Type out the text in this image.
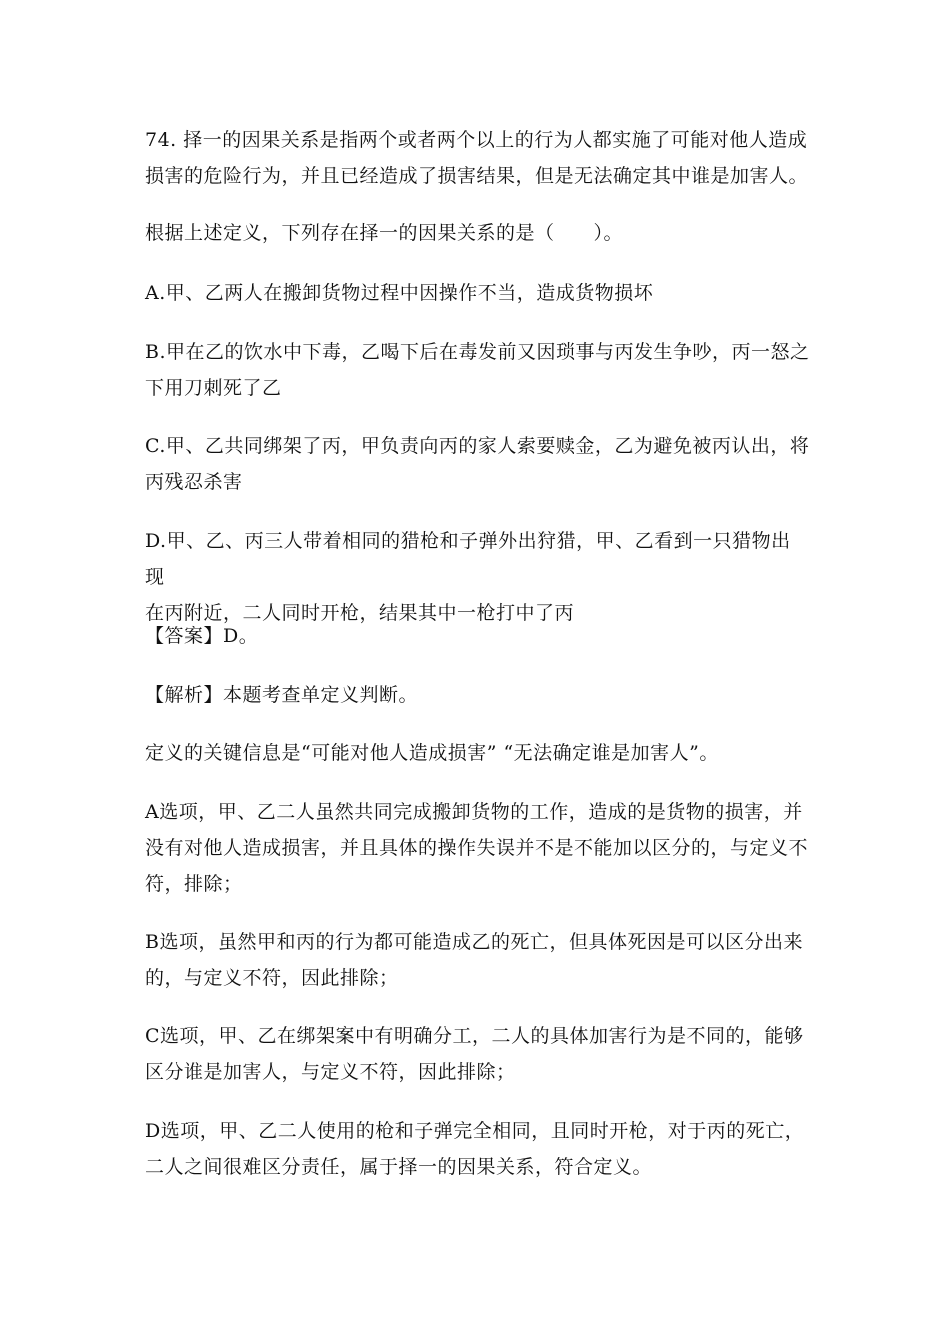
74. 择一的因果关系是指两个或者两个以上的行为人都实施了可能对他人造成
损害的危险行为，并且已经造成了损害结果，但是无法确定其中谁是加害人。
根据上述定义，下列存在择一的因果关系的是（　　）。
A.甲、乙两人在搬卸货物过程中因操作不当，造成货物损坏
B.甲在乙的饮水中下毒，乙喝下后在毒发前又因琐事与丙发生争吵，丙一怒之
下用刀刺死了乙
C.甲、乙共同绑架了丙，甲负责向丙的家人索要赎金，乙为避免被丙认出，将
丙残忍杀害
D.甲、乙、丙三人带着相同的猎枪和子弹外出狩猎，甲、乙看到一只猎物出现
在丙附近，二人同时开枪，结果其中一枪打中了丙
【答案】D。
【解析】本题考查单定义判断。
定义的关键信息是“可能对他人造成损害” “无法确定谁是加害人”。
A选项，甲、乙二人虽然共同完成搬卸货物的工作，造成的是货物的损害，并
没有对他人造成损害，并且具体的操作失误并不是不能加以区分的，与定义不
符，排除；
B选项，虽然甲和丙的行为都可能造成乙的死亡，但具体死因是可以区分出来
的，与定义不符，因此排除；
C选项，甲、乙在绑架案中有明确分工，二人的具体加害行为是不同的，能够
区分谁是加害人，与定义不符，因此排除；
D选项，甲、乙二人使用的枪和子弹完全相同，且同时开枪，对于丙的死亡，
二人之间很难区分责任，属于择一的因果关系，符合定义。
